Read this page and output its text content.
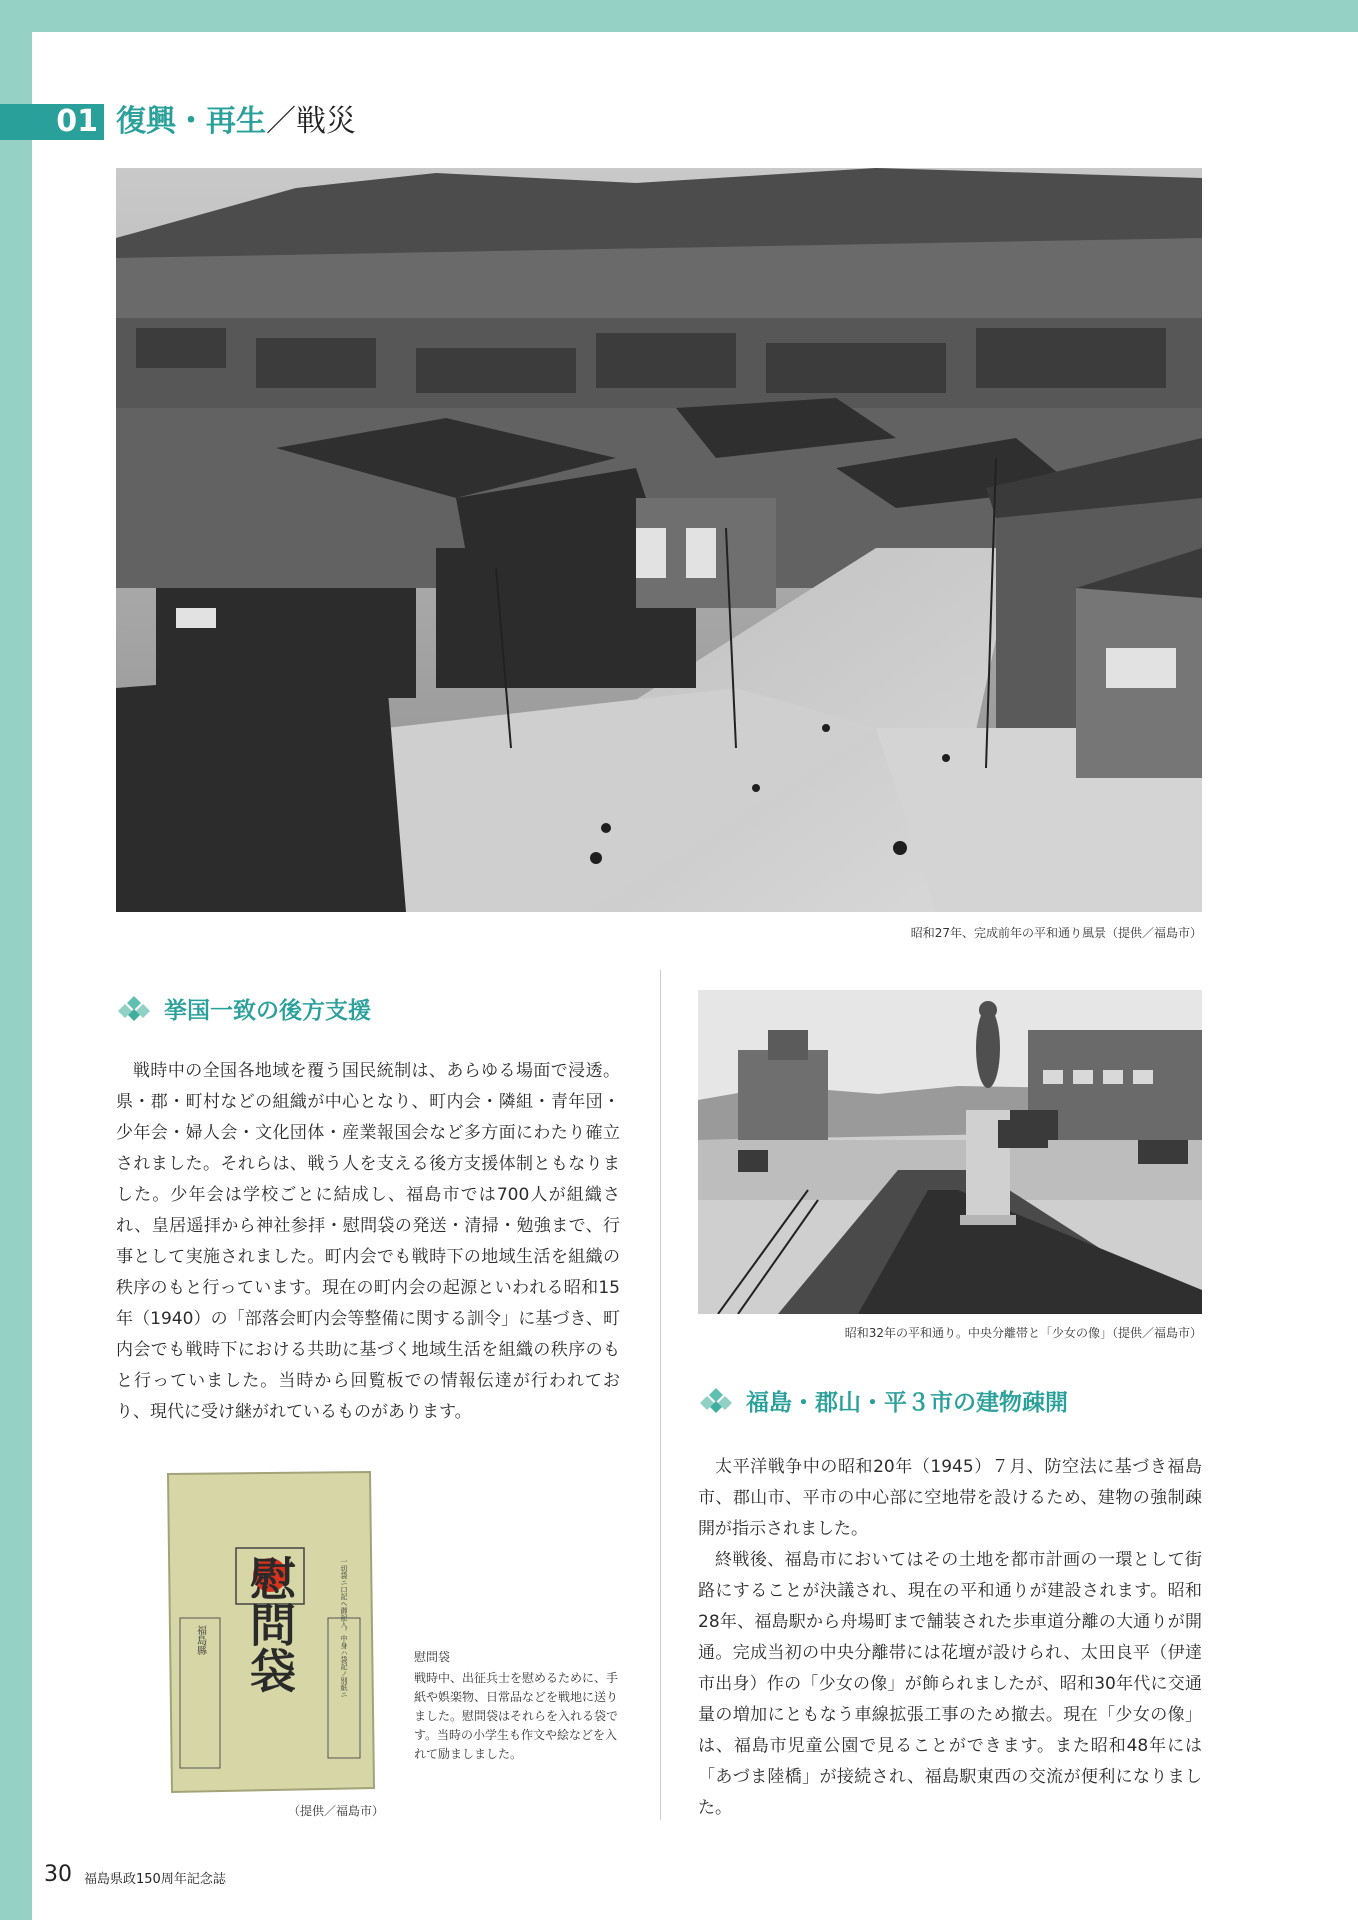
01 復興・再生／戦災
昭和27年、完成前年の平和通り風景（提供／福島市）
挙国一致の後方支援

戦時中の全国各地域を覆う国民統制は、あらゆる場面で浸透。県・郡・町村などの組織が中心となり、町内会・隣組・青年団・少年会・婦人会・文化団体・産業報国会など多方面にわたり確立されました。それらは、戦う人を支える後方支援体制ともなりました。少年会は学校ごとに結成し、福島市では700人が組織され、皇居遥拝から神社参拝・慰問袋の発送・清掃・勉強まで、行事として実施されました。町内会でも戦時下の地域生活を組織の秩序のもと行っています。現在の町内会の起源といわれる昭和15年（1940）の「部落会町内会等整備に関する訓令」に基づき、町内会でも戦時下における共助に基づく地域生活を組織の秩序のもと行っていました。当時から回覧板での情報伝達が行われており、現代に受け継がれているものがあります。

福島縣 慰問袋	一切袋ニ口記ヘ御記入。中身ハ袋記ノ別紙ニ
（提供／福島市）
慰問袋
戦時中、出征兵士を慰めるために、手紙や娯楽物、日常品などを戦地に送りました。慰問袋はそれらを入れる袋です。当時の小学生も作文や絵などを入れて励ましました。
昭和32年の平和通り。中央分離帯と「少女の像」（提供／福島市）
福島・郡山・平３市の建物疎開

太平洋戦争中の昭和20年（1945）７月、防空法に基づき福島市、郡山市、平市の中心部に空地帯を設けるため、建物の強制疎開が指示されました。

終戦後、福島市においてはその土地を都市計画の一環として街路にすることが決議され、現在の平和通りが建設されます。昭和28年、福島駅から舟場町まで舗装された歩車道分離の大通りが開通。完成当初の中央分離帯には花壇が設けられ、太田良平（伊達市出身）作の「少女の像」が飾られましたが、昭和30年代に交通量の増加にともなう車線拡張工事のため撤去。現在「少女の像」は、福島市児童公園で見ることができます。また昭和48年には「あづま陸橋」が接続され、福島駅東西の交流が便利になりました。

30 福島県政150周年記念誌
